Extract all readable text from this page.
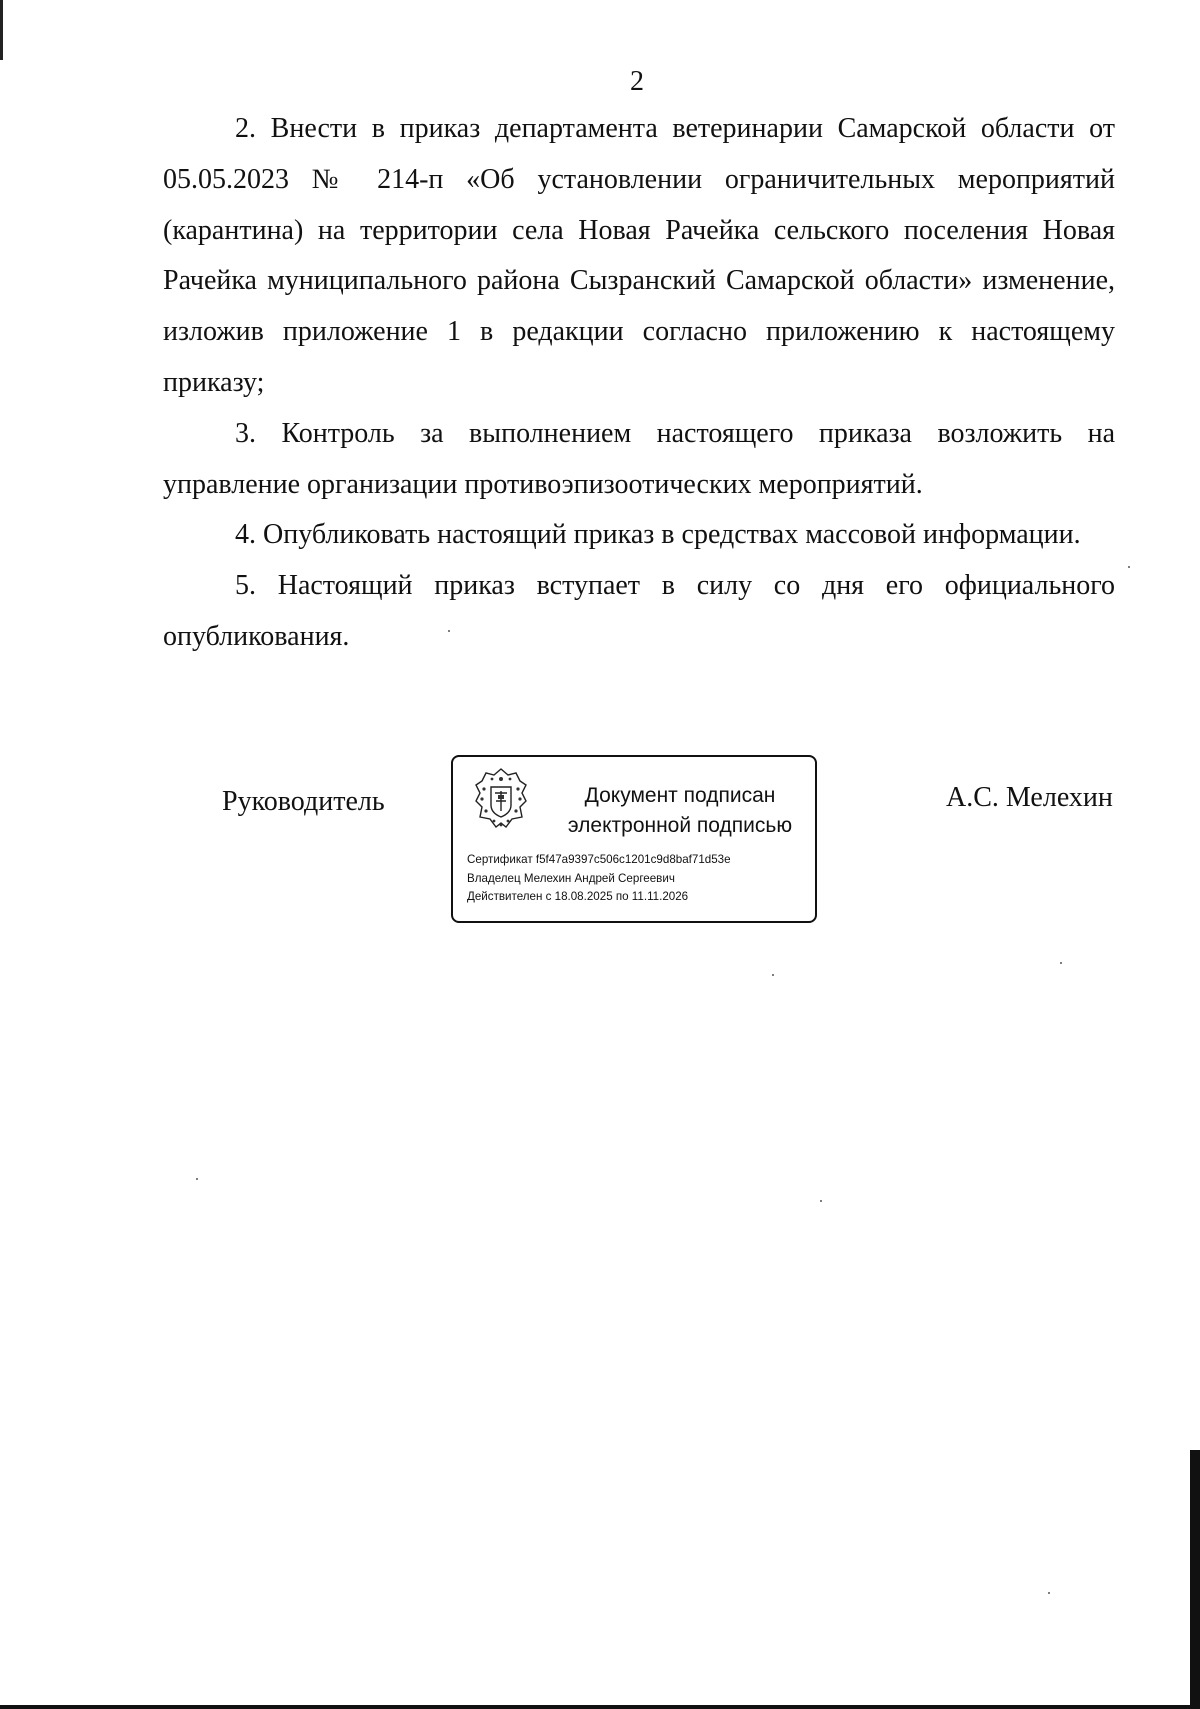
2

2. Внести в приказ департамента ветеринарии Самарской области от 05.05.2023 № 214-п «Об установлении ограничительных мероприятий (карантина) на территории села Новая Рачейка сельского поселения Новая Рачейка муниципального района Сызранский Самарской области» изменение, изложив приложение 1 в редакции согласно приложению к настоящему приказу;

3. Контроль за выполнением настоящего приказа возложить на управление организации противоэпизоотических мероприятий.

4. Опубликовать настоящий приказ в средствах массовой информации.

5. Настоящий приказ вступает в силу со дня его официального опубликования.

Руководитель	Документ подписан
электронной подписью
Сертификат f5f47a9397c506c1201c9d8baf71d53e
Владелец Мелехин Андрей Сергеевич
Действителен с 18.08.2025 по 11.11.2026
А.С. Мелехин
